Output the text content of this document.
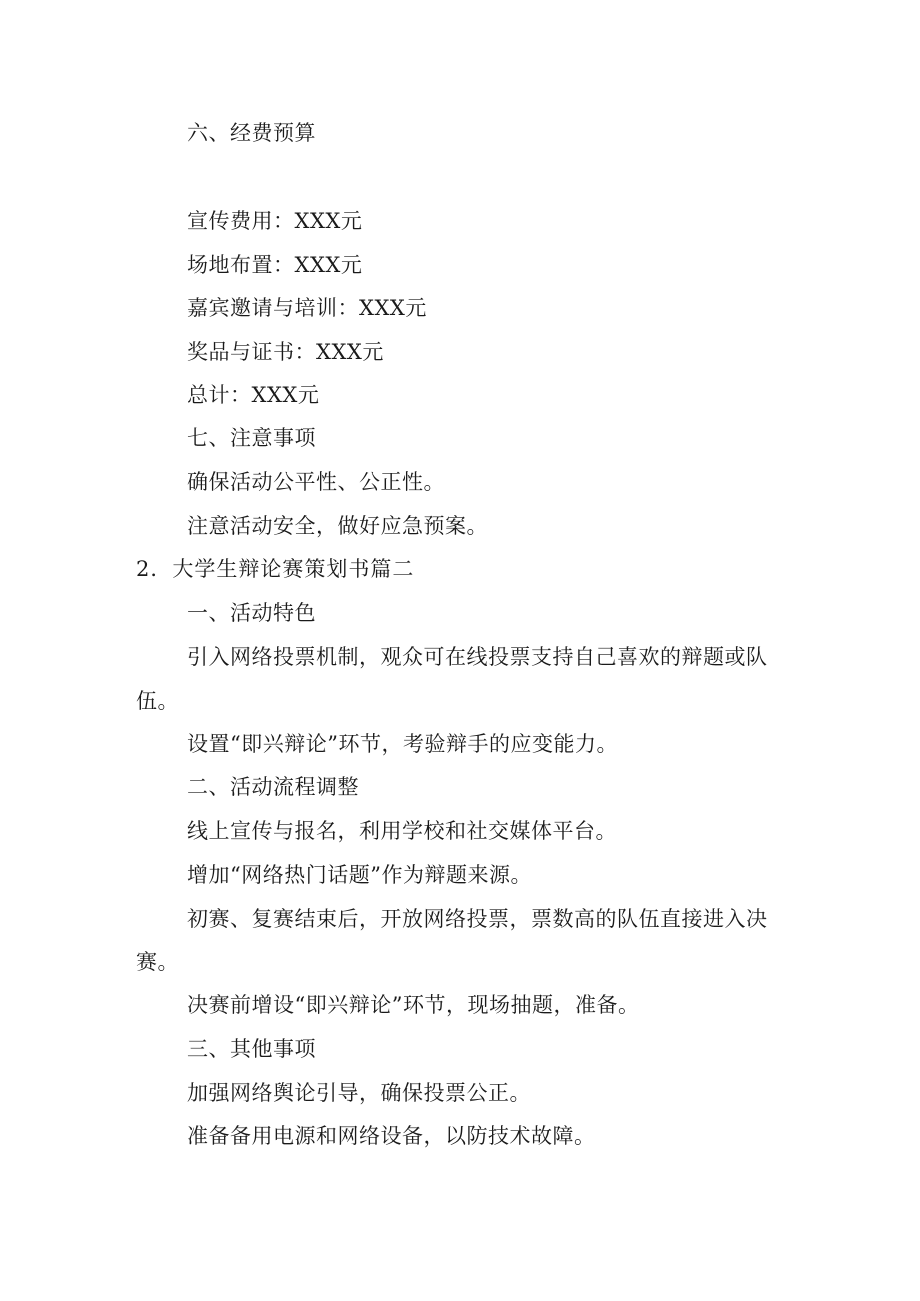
六、经费预算
宣传费用：XXX元
场地布置：XXX元
嘉宾邀请与培训：XXX元
奖品与证书：XXX元
总计：XXX元
七、注意事项
确保活动公平性、公正性。
注意活动安全，做好应急预案。
2．大学生辩论赛策划书篇二
一、活动特色
引入网络投票机制，观众可在线投票支持自己喜欢的辩题或队
伍。
设置“即兴辩论”环节，考验辩手的应变能力。
二、活动流程调整
线上宣传与报名，利用学校和社交媒体平台。
增加“网络热门话题”作为辩题来源。
初赛、复赛结束后，开放网络投票，票数高的队伍直接进入决
赛。
决赛前增设“即兴辩论”环节，现场抽题，准备。
三、其他事项
加强网络舆论引导，确保投票公正。
准备备用电源和网络设备，以防技术故障。
